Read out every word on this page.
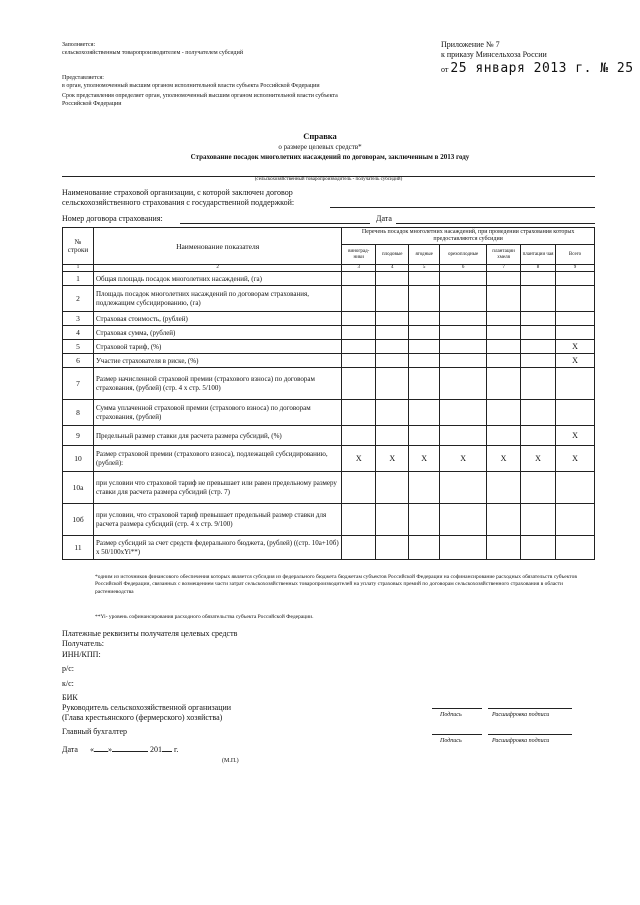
Заполняется:
сельскохозяйственным товаропроизводителем - получателем субсидий
Представляется:
в орган, уполномоченный высшим органом исполнительной власти субъекта Российской Федерации
Срок представления определяет орган, уполномоченный высшим органом исполнительной власти субъекта Российской Федерации
Приложение № 7
к приказу Минсельхоза России
от 25 января 2013 г. № 25
Справка
о размере целевых средств*
Страхование посадок многолетних насаждений по договорам, заключенным в 2013 году
(сельскохозяйственный товаропроизводитель - получатель субсидий)
Наименование страховой организации, с которой заключен договор сельскохозяйственного страхования с государственной поддержкой:
Номер договора страхования:	Дата
№ строки	Наименование показателя	Перечень посадок многолетних насаждений, при проведении страхования которых предоставляются субсидии						
		виноград-ники	плодовые	ягодные	орехоплодные	плантации хмеля	плантации чая	Всего
1	2	3	4	5	6	7	8	9
1	Общая площадь посадок многолетних насаждений, (га)							
2	Площадь посадок многолетних насаждений по договорам страхования, подлежащим субсидированию, (га)							
3	Страховая стоимость, (рублей)							
4	Страховая сумма, (рублей)							
5	Страховой тариф, (%)							X
6	Участие страхователя в риске, (%)							X
7	Размер начисленной страховой премии (страхового взноса) по договорам страхования, (рублей) (стр. 4 x стр. 5/100)							
8	Сумма уплаченной страховой премии (страхового взноса) по договорам страхования, (рублей)							
9	Предельный размер ставки для расчета размера субсидий, (%)							X
10	Размер страховой премии (страхового взноса), подлежащей субсидированию, (рублей):	X	X	X	X	X	X	X
10а	при условии что страховой тариф не превышает или равен предельному размеру ставки для расчета размера субсидий (стр. 7)							
10б	при условии, что страховой тариф превышает предельный размер ставки для расчета размера субсидий (стр. 4 x стр. 9/100)							
11	Размер субсидий за счет средств федерального бюджета, (рублей) ((стр. 10а+10б) x 50/100xYi**)							
*одним из источников финансового обеспечения которых является субсидия из федерального бюджета бюджетам субъектов Российской Федерации на софинансирование расходных обязательств субъектов Российской Федерации, связанных с возмещением части затрат сельскохозяйственных товаропроизводителей на уплату страховых премий по договорам сельскохозяйственного страхования в области растениеводства
**Yi- уровень софинансирования расходного обязательства субъекта Российской Федерации.
Платежные реквизиты получателя целевых средств
Получатель:
ИНН/КПП:
р/с:
к/с:
БИК
Руководитель сельскохозяйственной организации
(Глава крестьянского (фермерского) хозяйства)
Главный бухгалтер
Подпись	Расшифровка подписи
Подпись	Расшифровка подписи
Дата « »	201 г.
(М.П.)
